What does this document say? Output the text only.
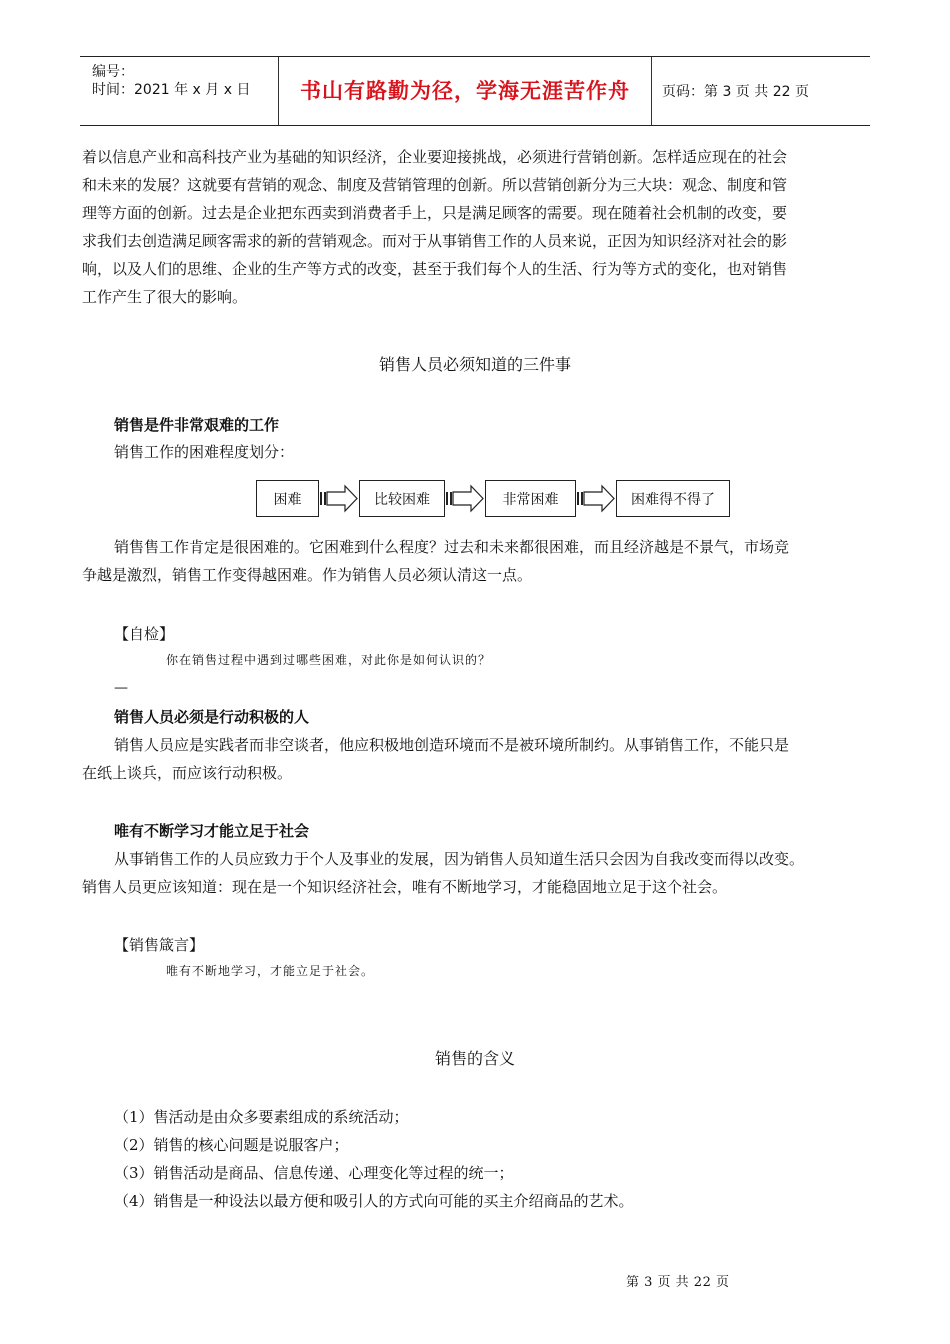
编号：
时间：2021 年 x 月 x 日	书山有路勤为径，学海无涯苦作舟	页码：第 3 页 共 22 页
着以信息产业和高科技产业为基础的知识经济，企业要迎接挑战，必须进行营销创新。怎样适应现在的社会
和未来的发展？这就要有营销的观念、制度及营销管理的创新。所以营销创新分为三大块：观念、制度和管
理等方面的创新。过去是企业把东西卖到消费者手上，只是满足顾客的需要。现在随着社会机制的改变，要
求我们去创造满足顾客需求的新的营销观念。而对于从事销售工作的人员来说，正因为知识经济对社会的影
响，以及人们的思维、企业的生产等方式的改变，甚至于我们每个人的生活、行为等方式的变化，也对销售
工作产生了很大的影响。
销售人员必须知道的三件事
销售是件非常艰难的工作
销售工作的困难程度划分：
困难	比较困难	非常困难	困难得不得了
销售售工作肯定是很困难的。它困难到什么程度？过去和未来都很困难，而且经济越是不景气，市场竞
争越是激烈，销售工作变得越困难。作为销售人员必须认清这一点。
【自检】
你在销售过程中遇到过哪些困难，对此你是如何认识的？
—
销售人员必须是行动积极的人
销售人员应是实践者而非空谈者，他应积极地创造环境而不是被环境所制约。从事销售工作，不能只是
在纸上谈兵，而应该行动积极。
唯有不断学习才能立足于社会
从事销售工作的人员应致力于个人及事业的发展，因为销售人员知道生活只会因为自我改变而得以改变。
销售人员更应该知道：现在是一个知识经济社会，唯有不断地学习，才能稳固地立足于这个社会。
【销售箴言】
唯有不断地学习，才能立足于社会。
销售的含义
（1）售活动是由众多要素组成的系统活动；
（2）销售的核心问题是说服客户；
（3）销售活动是商品、信息传递、心理变化等过程的统一；
（4）销售是一种设法以最方便和吸引人的方式向可能的买主介绍商品的艺术。
第 3 页 共 22 页
